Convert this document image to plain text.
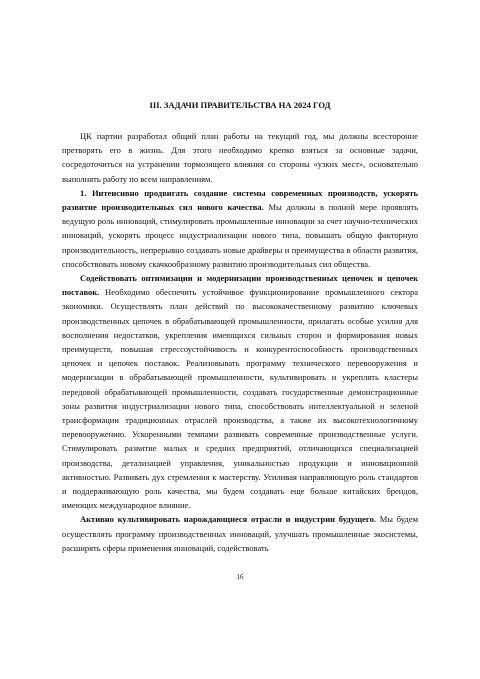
III. ЗАДАЧИ ПРАВИТЕЛЬСТВА НА 2024 ГОД

ЦК партии разработал общий план работы на текущий год, мы должны всесторонне претворять его в жизнь. Для этого необходимо крепко взяться за основные задачи, сосредоточиться на устранении тормозящего влияния со стороны «узких мест», основательно выполнять работу по всем направлениям.

1. Интенсивно продвигать создание системы современных производств, ускорять развитие производительных сил нового качества. Мы должны в полной мере проявлять ведущую роль инноваций, стимулировать промышленные инновации за счет научно-технических инноваций, ускорять процесс индустриализации нового типа, повышать общую факторную производительность, непрерывно создавать новые драйверы и преимущества в области развития, способствовать новому скачкообразному развитию производительных сил общества.

Содействовать оптимизации и модернизации производственных цепочек и цепочек поставок. Необходимо обеспечить устойчивое функционирование промышленного сектора экономики. Осуществлять план действий по высококачественному развитию ключевых производственных цепочек в обрабатывающей промышленности, прилагать особые усилия для восполнения недостатков, укрепления имеющихся сильных сторон и формирования новых преимуществ, повышая стрессоустойчивость и конкурентоспособность производственных цепочек и цепочек поставок. Реализовывать программу технического перевооружения и модернизации в обрабатывающей промышленности, культивировать и укреплять кластеры передовой обрабатывающей промышленности, создавать государственные демонстрационные зоны развития индустриализации нового типа, способствовать интеллектуальной и зеленой трансформации традиционных отраслей производства, а также их высокотехнологичному перевооружению. Ускоренными темпами развивать современные производственные услуги. Стимулировать развитие малых и средних предприятий, отличающихся специализацией производства, детализацией управления, уникальностью продукции и инновационной активностью. Развивать дух стремления к мастерству. Усиливая направляющую роль стандартов и поддерживающую роль качества, мы будем создавать еще больше китайских брендов, имеющих международное влияние.

Активно культивировать нарождающиеся отрасли и индустрии будущего. Мы будем осуществлять программу производственных инноваций, улучшать промышленные экосистемы, расширять сферы применения инноваций, содействовать

16
